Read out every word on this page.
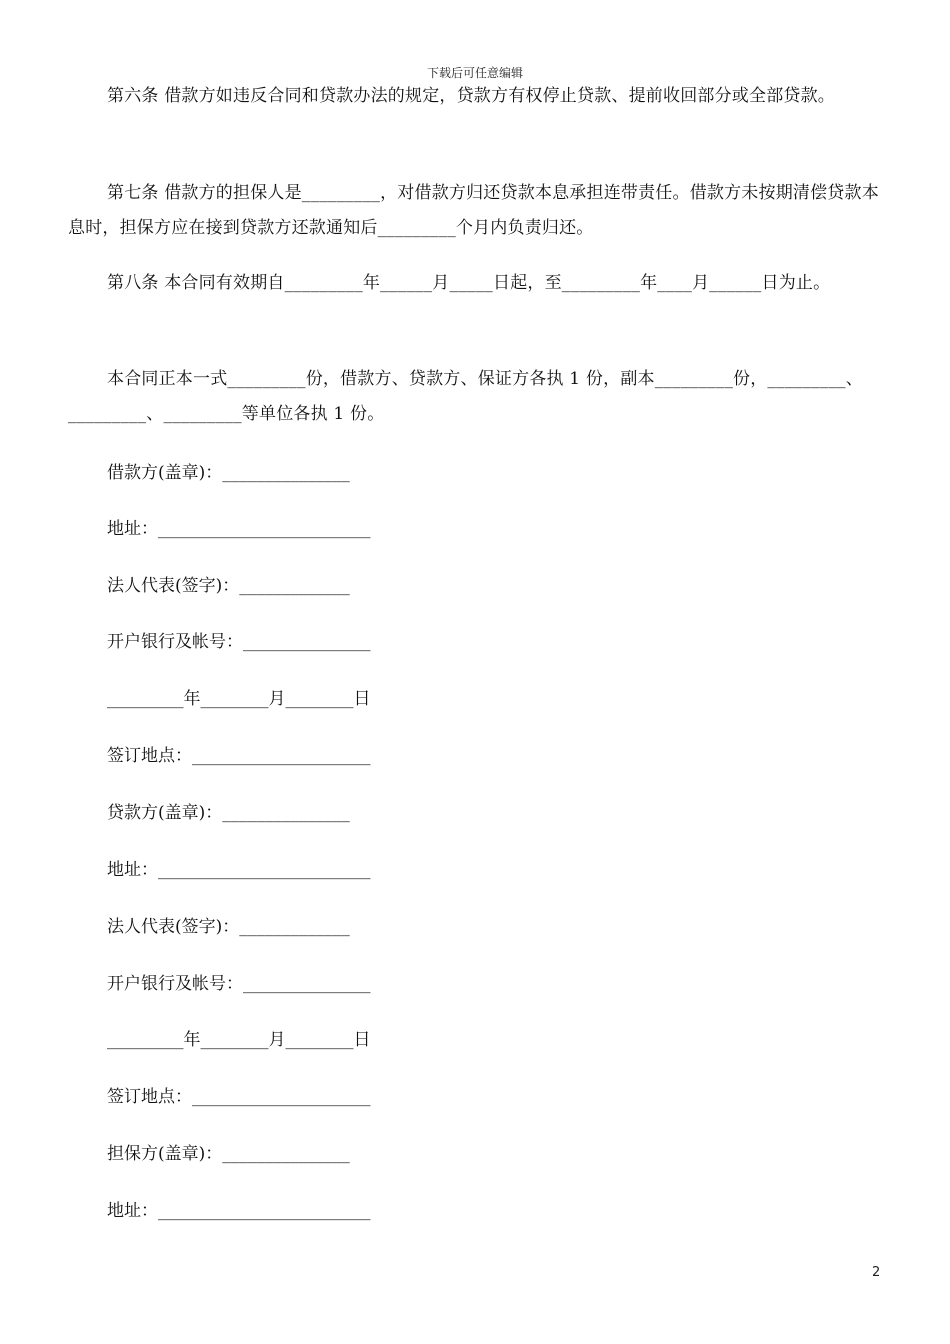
下载后可任意编辑
第六条 借款方如违反合同和贷款办法的规定，贷款方有权停止贷款、提前收回部分或全部贷款。
第七条 借款方的担保人是_________，对借款方归还贷款本息承担连带责任。借款方未按期清偿贷款本息时，担保方应在接到贷款方还款通知后_________个月内负责归还。
第八条 本合同有效期自_________年______月_____日起，至_________年____月______日为止。
本合同正本一式_________份，借款方、贷款方、保证方各执 1 份，副本_________份，_________、_________、_________等单位各执 1 份。
借款方(盖章)：_______________
地址：_________________________
法人代表(签字)：_____________
开户银行及帐号：_______________
_________年________月________日
签订地点：_____________________
贷款方(盖章)：_______________
地址：_________________________
法人代表(签字)：_____________
开户银行及帐号：_______________
_________年________月________日
签订地点：_____________________
担保方(盖章)：_______________
地址：_________________________
2
